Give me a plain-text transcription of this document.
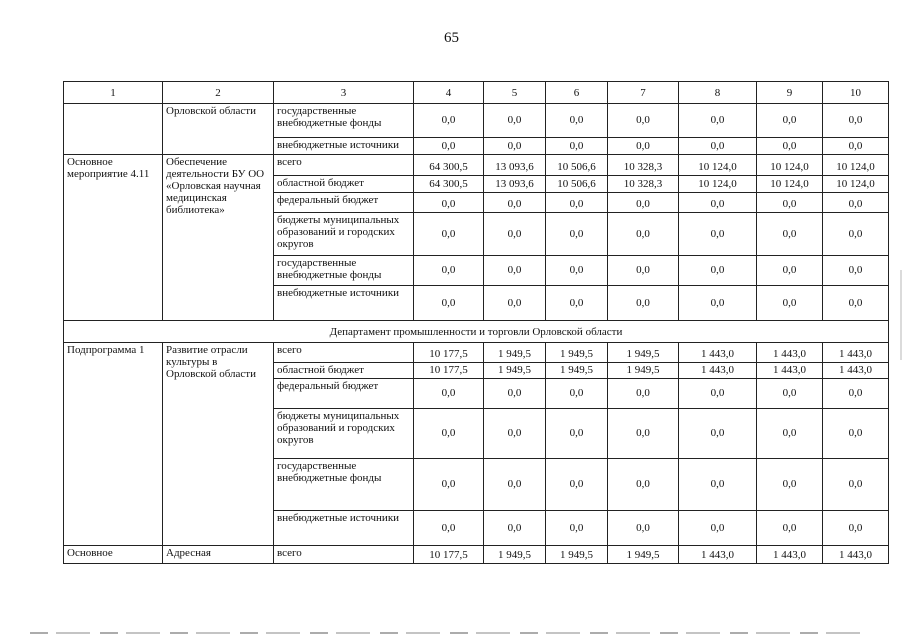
65
1	2	3	4	5	6	7	8	9	10
	Орловской области	государственные внебюджетные фонды	0,0	0,0	0,0	0,0	0,0	0,0	0,0
		внебюджетные источники	0,0	0,0	0,0	0,0	0,0	0,0	0,0
Основное мероприятие 4.11	Обеспечение деятельности БУ ОО «Орловская научная медицинская библиотека»	всего	64 300,5	13 093,6	10 506,6	10 328,3	10 124,0	10 124,0	10 124,0
		областной бюджет	64 300,5	13 093,6	10 506,6	10 328,3	10 124,0	10 124,0	10 124,0
		федеральный бюджет	0,0	0,0	0,0	0,0	0,0	0,0	0,0
		бюджеты муниципальных образований и городских округов	0,0	0,0	0,0	0,0	0,0	0,0	0,0
		государственные внебюджетные фонды	0,0	0,0	0,0	0,0	0,0	0,0	0,0
		внебюджетные источники	0,0	0,0	0,0	0,0	0,0	0,0	0,0
Департамент промышленности и торговли Орловской области									
Подпрограмма 1	Развитие отрасли культуры в Орловской области	всего	10 177,5	1 949,5	1 949,5	1 949,5	1 443,0	1 443,0	1 443,0
		областной бюджет	10 177,5	1 949,5	1 949,5	1 949,5	1 443,0	1 443,0	1 443,0
		федеральный бюджет	0,0	0,0	0,0	0,0	0,0	0,0	0,0
		бюджеты муниципальных образований и городских округов	0,0	0,0	0,0	0,0	0,0	0,0	0,0
		государственные внебюджетные фонды	0,0	0,0	0,0	0,0	0,0	0,0	0,0
		внебюджетные источники	0,0	0,0	0,0	0,0	0,0	0,0	0,0
Основное	Адресная	всего	10 177,5	1 949,5	1 949,5	1 949,5	1 443,0	1 443,0	1 443,0
